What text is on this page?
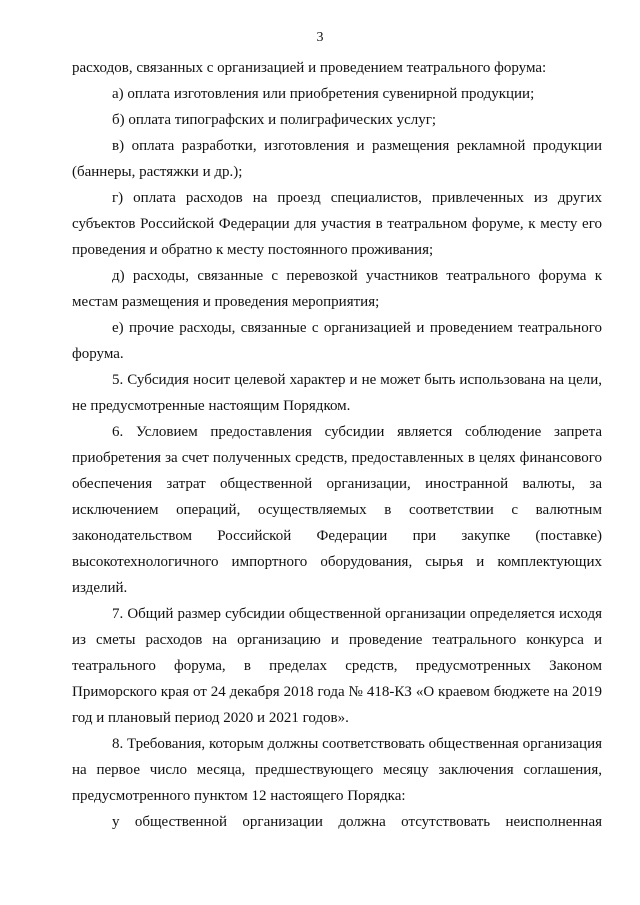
3

расходов, связанных с организацией и проведением театрального форума:

а) оплата изготовления или приобретения сувенирной продукции;

б) оплата типографских и полиграфических услуг;

в) оплата разработки, изготовления и размещения рекламной продукции (баннеры, растяжки и др.);

г) оплата расходов на проезд специалистов, привлеченных из других субъектов Российской Федерации для участия в театральном форуме, к месту его проведения и обратно к месту постоянного проживания;

д) расходы, связанные с перевозкой участников театрального форума к местам размещения и проведения мероприятия;

е) прочие расходы, связанные с организацией и проведением театрального форума.

5. Субсидия носит целевой характер и не может быть использована на цели, не предусмотренные настоящим Порядком.

6. Условием предоставления субсидии является соблюдение запрета приобретения за счет полученных средств, предоставленных в целях финансового обеспечения затрат общественной организации, иностранной валюты, за исключением операций, осуществляемых в соответствии с валютным законодательством Российской Федерации при закупке (поставке) высокотехнологичного импортного оборудования, сырья и комплектующих изделий.

7. Общий размер субсидии общественной организации определяется исходя из сметы расходов на организацию и проведение театрального конкурса и театрального форума, в пределах средств, предусмотренных Законом Приморского края от 24 декабря 2018 года № 418-КЗ «О краевом бюджете на 2019 год и плановый период 2020 и 2021 годов».

8. Требования, которым должны соответствовать общественная организация на первое число месяца, предшествующего месяцу заключения соглашения, предусмотренного пунктом 12 настоящего Порядка:

у общественной организации должна отсутствовать неисполненная
